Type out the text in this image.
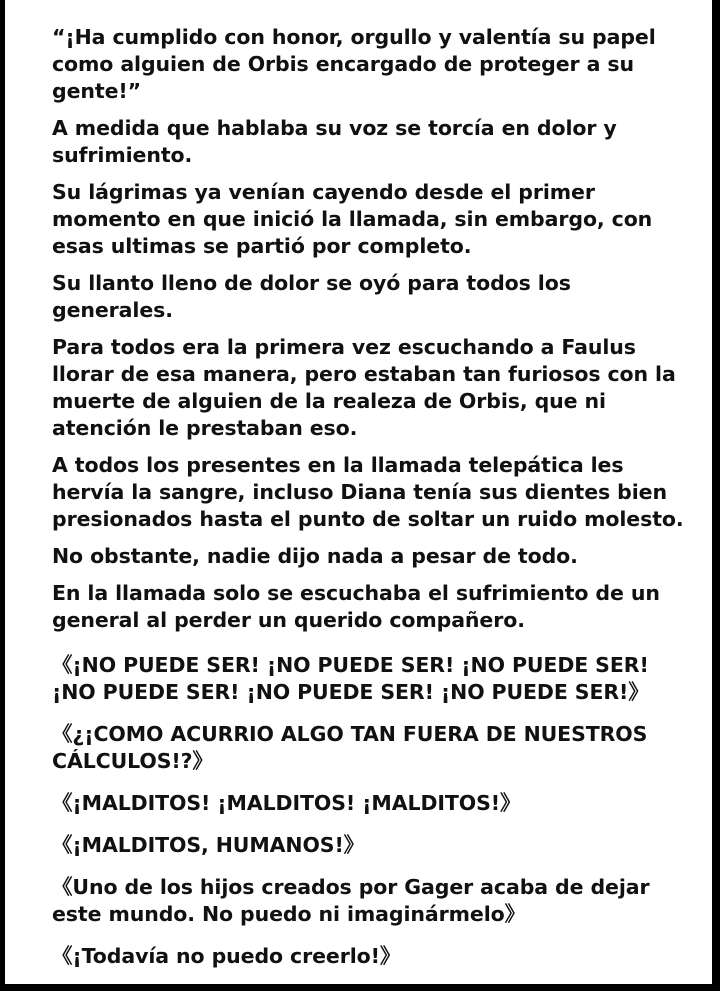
“¡Ha cumplido con honor, orgullo y valentía su papel como alguien de Orbis encargado de proteger a su gente!”

A medida que hablaba su voz se torcía en dolor y sufrimiento.

Su lágrimas ya venían cayendo desde el primer momento en que inició la llamada, sin embargo, con esas ultimas se partió por completo.

Su llanto lleno de dolor se oyó para todos los generales.

Para todos era la primera vez escuchando a Faulus llorar de esa manera, pero estaban tan furiosos con la muerte de alguien de la realeza de Orbis, que ni atención le prestaban eso.

A todos los presentes en la llamada telepática les hervía la sangre, incluso Diana tenía sus dientes bien presionados hasta el punto de soltar un ruido molesto.

No obstante, nadie dijo nada a pesar de todo.

En la llamada solo se escuchaba el sufrimiento de un general al perder un querido compañero.

《¡NO PUEDE SER! ¡NO PUEDE SER! ¡NO PUEDE SER! ¡NO PUEDE SER! ¡NO PUEDE SER! ¡NO PUEDE SER!》

《¿¡COMO ACURRIO ALGO TAN FUERA DE NUESTROS CÁLCULOS!?》

《¡MALDITOS! ¡MALDITOS! ¡MALDITOS!》

《¡MALDITOS, HUMANOS!》

《Uno de los hijos creados por Gager acaba de dejar este mundo. No puedo ni imaginármelo》

《¡Todavía no puedo creerlo!》
